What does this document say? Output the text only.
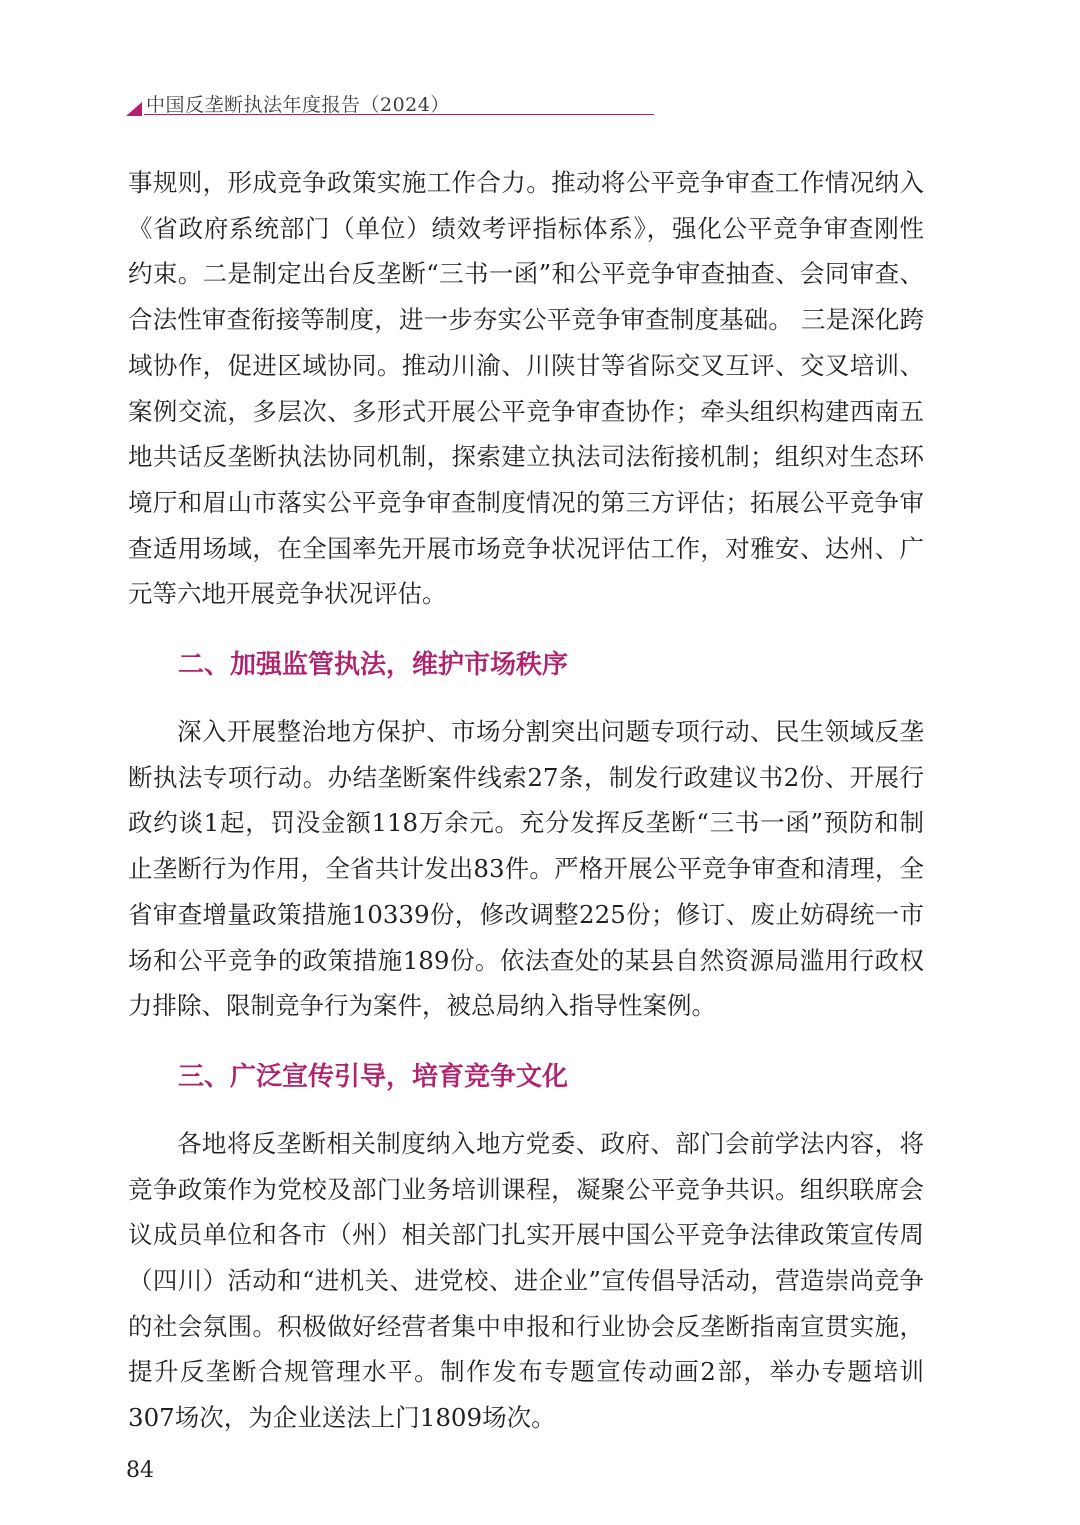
中国反垄断执法年度报告（2024）

事规则，形成竞争政策实施工作合力。推动将公平竞争审查工作情况纳入《省政府系统部门（单位）绩效考评指标体系》，强化公平竞争审查刚性约束。二是制定出台反垄断“三书一函”和公平竞争审查抽查、会同审查、合法性审查衔接等制度，进一步夯实公平竞争审查制度基础。 三是深化跨域协作，促进区域协同。推动川渝、川陕甘等省际交叉互评、交叉培训、案例交流，多层次、多形式开展公平竞争审查协作；牵头组织构建西南五地共话反垄断执法协同机制，探索建立执法司法衔接机制；组织对生态环境厅和眉山市落实公平竞争审查制度情况的第三方评估；拓展公平竞争审查适用场域，在全国率先开展市场竞争状况评估工作，对雅安、达州、广元等六地开展竞争状况评估。

二、加强监管执法，维护市场秩序

深入开展整治地方保护、市场分割突出问题专项行动、民生领域反垄断执法专项行动。办结垄断案件线索27条，制发行政建议书2份、开展行政约谈1起，罚没金额118万余元。充分发挥反垄断“三书一函”预防和制止垄断行为作用，全省共计发出83件。严格开展公平竞争审查和清理，全省审查增量政策措施10339份，修改调整225份；修订、废止妨碍统一市场和公平竞争的政策措施189份。依法查处的某县自然资源局滥用行政权力排除、限制竞争行为案件，被总局纳入指导性案例。

三、广泛宣传引导，培育竞争文化

各地将反垄断相关制度纳入地方党委、政府、部门会前学法内容，将竞争政策作为党校及部门业务培训课程，凝聚公平竞争共识。组织联席会议成员单位和各市（州）相关部门扎实开展中国公平竞争法律政策宣传周（四川）活动和“进机关、进党校、进企业”宣传倡导活动，营造崇尚竞争的社会氛围。积极做好经营者集中申报和行业协会反垄断指南宣贯实施，提升反垄断合规管理水平。制作发布专题宣传动画2部，举办专题培训307场次，为企业送法上门1809场次。

84
